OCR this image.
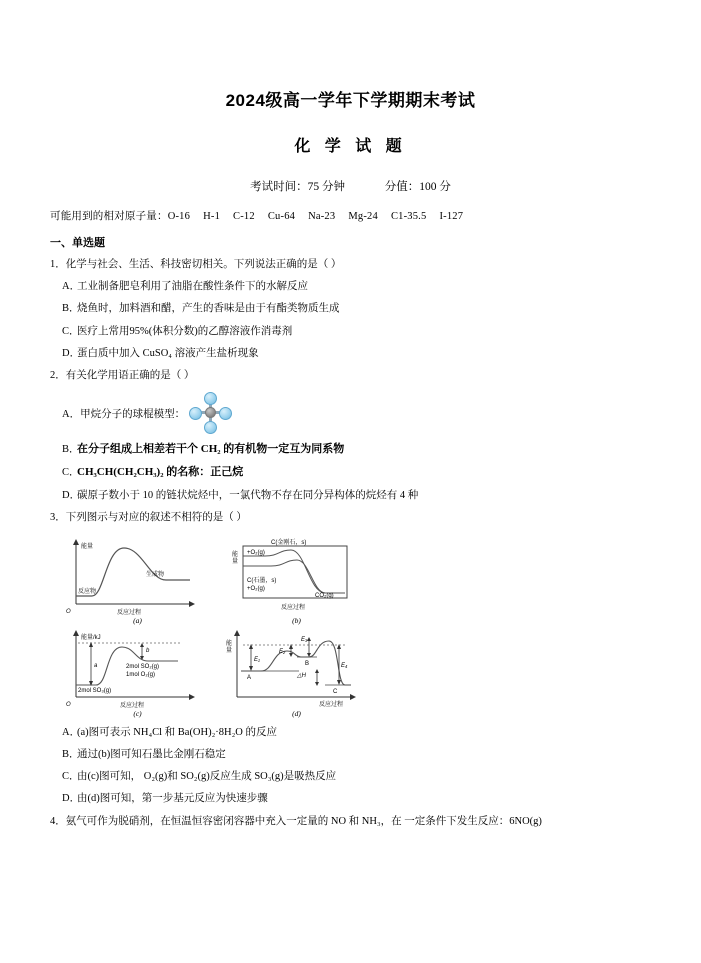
2024级高一学年下学期期末考试
化 学 试 题
考试时间：75 分钟	分值：100 分
可能用到的相对原子量：O-16 H-1 C-12 Cu-64 Na-23 Mg-24 C1-35.5 I-127
一、单选题
1．化学与社会、生活、科技密切相关。下列说法正确的是（ ）
A．工业制备肥皂利用了油脂在酸性条件下的水解反应
B．烧鱼时，加料酒和醋，产生的香味是由于有酯类物质生成
C．医疗上常用95%(体积分数)的乙醇溶液作消毒剂
D．蛋白质中加入 CuSO₄ 溶液产生盐析现象
2．有关化学用语正确的是（ ）
A． 甲烷分子的球棍模型：
B．在分子组成上相差若干个 CH₂ 的有机物一定互为同系物
C．CH₃CH(CH₂CH₃)₂ 的名称：正己烷
D．碳原子数小于 10 的链状烷烃中，一氯代物不存在同分异构体的烷烃有 4 种
3．下列图示与对应的叙述不相符的是（ ）
能量
反应物
生成物
反应过程
O
(a)
能
量
C(金刚石，s)
+O₂(g)
C(石墨，s)
+O₂(g)
CO₂(g)
反应过程
(b)
能量/kJ
a
b
2mol SO₂(g)
1mol O₂(g)
2mol SO₃(g)
反应过程
O
(c)
能
量
E₁
E₂
E₃
E₄
△H
A
B
C
反应过程
(d)
A．(a)图可表示 NH₄Cl 和 Ba(OH)₂·8H₂O 的反应
B．通过(b)图可知石墨比金刚石稳定
C．由(c)图可知， O₂(g)和 SO₂(g)反应生成 SO₃(g)是吸热反应
D．由(d)图可知，第一步基元反应为快速步骤
4．氨气可作为脱硝剂，在恒温恒容密闭容器中充入一定量的 NO 和 NH₃，在 一定条件下发生反应：6NO(g)
